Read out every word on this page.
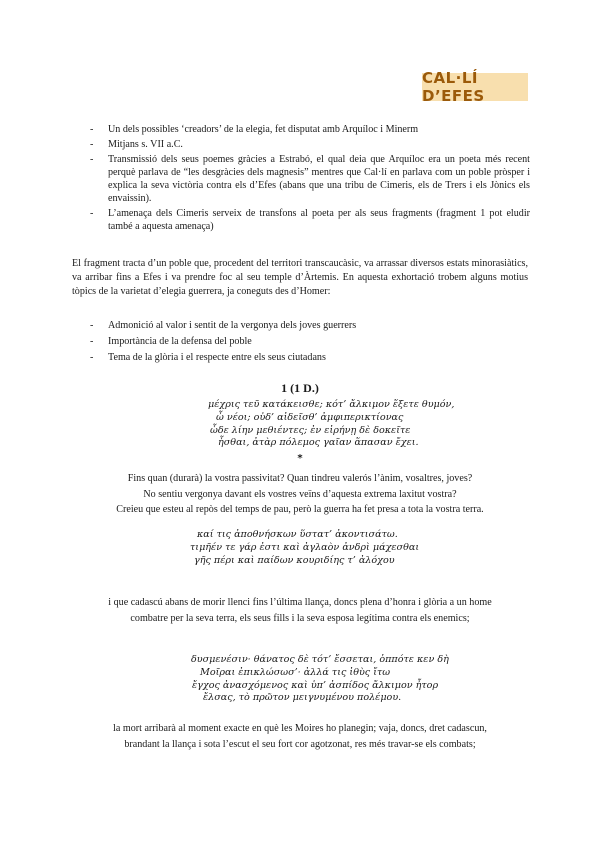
CAL·LÍ D’EFES
- Un dels possibles ‘creadors’ de la elegia, fet disputat amb Arquíloc i Minerm
- Mitjans s. VII a.C.
- Transmissió dels seus poemes gràcies a Estrabó, el qual deia que Arquíloc era un poeta més recent perquè parlava de “les desgràcies dels magnesis” mentres que Cal·lí en parlava com un poble pròsper i explica la seva victòria contra els d’Efes (abans que una tribu de Cimeris, els de Trers i els Jònics els envaissin).
- L’amenaça dels Cimeris serveix de transfons al poeta per als seus fragments (fragment 1 pot eludir també a aquesta amenaça)

El fragment tracta d’un poble que, procedent del territori transcaucàsic, va arrassar diversos estats minorasiàtics, va arribar fins a Efes i va prendre foc al seu temple d’Àrtemis. En aquesta exhortació trobem alguns motius tòpics de la varietat d’elegia guerrera, ja coneguts des d’Homer:

- Admonició al valor i sentit de la vergonya dels joves guerrers
- Importància de la defensa del poble
- Tema de la glòria i el respecte entre els seus ciutadans
1 (1 D.)
μέχρις τεῦ κατάκεισθε; κότ’ ἄλκιμον ἕξετε θυμόν,
ὦ νέοι; οὐδ’ αἰδεῖσθ’ ἀμφιπερικτίονας
ὧδε λίην μεθιέντες; ἐν εἰρήνῃ δὲ δοκεῖτε
ἧσθαι, ἀτὰρ πόλεμος γαῖαν ἅπασαν ἔχει.
*
Fins quan (durarà) la vostra passivitat? Quan tindreu valerós l’ànim, vosaltres, joves?
No sentiu vergonya davant els vostres veïns d’aquesta extrema laxitut vostra?
Creieu que esteu al repòs del temps de pau, però la guerra ha fet presa a tota la vostra terra.
καί τις ἀποθνήσκων ὕστατ’ ἀκοντισάτω.
τιμῆέν τε γάρ ἐστι καὶ ἀγλαὸν ἀνδρὶ μάχεσθαι
γῆς πέρι καὶ παίδων κουριδίης τ’ ἀλόχου
i que cadascú abans de morir llenci fins l’última llança, doncs plena d’honra i glòria a un home
combatre per la seva terra, els seus fills i la seva esposa legítima contra els enemics;
δυσμενέσιν· θάνατος δὲ τότ’ ἔσσεται, ὁππότε κεν δὴ
Μοῖραι ἐπικλώσωσ’· ἀλλά τις ἰθὺς ἴτω
ἔγχος ἀνασχόμενος καὶ ὑπ’ ἀσπίδος ἄλκιμον ἦτορ
ἔλσας, τὸ πρῶτον μειγνυμένου πολέμου.
la mort arribarà al moment exacte en què les Moires ho planegin; vaja, doncs, dret cadascun,
brandant la llança i sota l’escut el seu fort cor agotzonat, res més travar-se els combats;
